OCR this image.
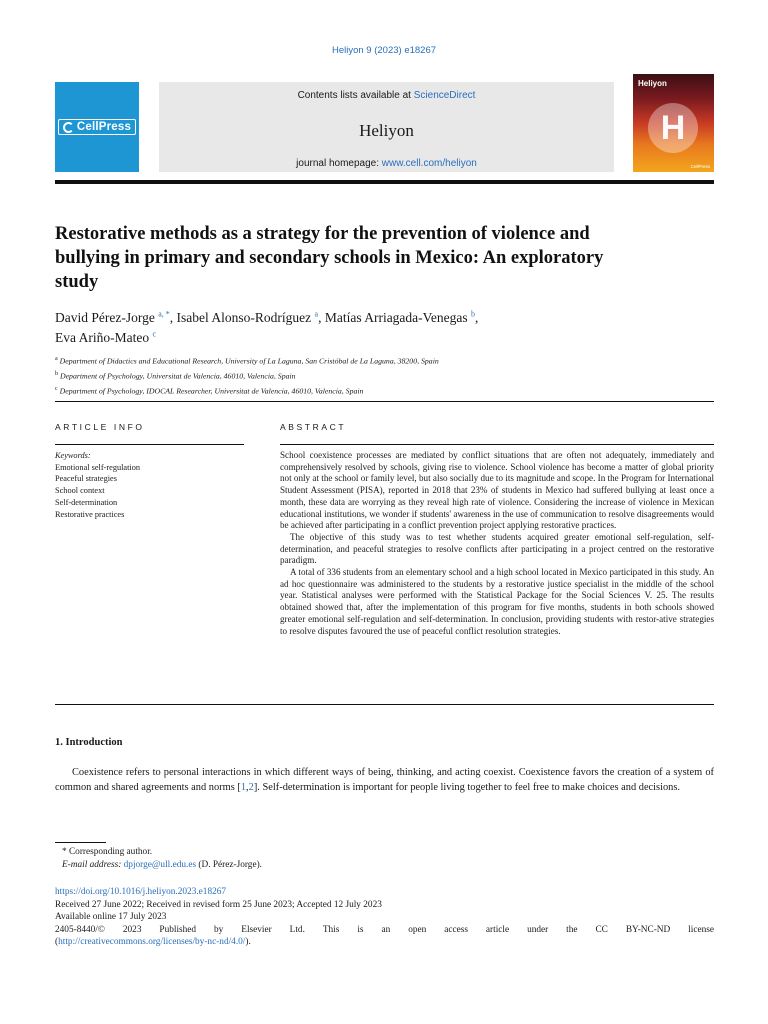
Heliyon 9 (2023) e18267
CellPress
Contents lists available at ScienceDirect
Heliyon
journal homepage: www.cell.com/heliyon
Heliyon
H
CellPress
Restorative methods as a strategy for the prevention of violence and bullying in primary and secondary schools in Mexico: An exploratory study
David Pérez-Jorge $^{a, *}$, Isabel Alonso-Rodríguez $^a$, Matías Arriagada-Venegas $^b$,
Eva Ariño-Mateo $^c$
$^a$ Department of Didactics and Educational Research, University of La Laguna, San Cristóbal de La Laguna, 38200, Spain
$^b$ Department of Psychology, Universitat de Valencia, 46010, Valencia, Spain
$^c$ Department of Psychology, IDOCAL Researcher, Universitat de Valencia, 46010, Valencia, Spain
ARTICLE INFO	ABSTRACT
Keywords:
Emotional self-regulation
Peaceful strategies
School context
Self-determination
Restorative practices

School coexistence processes are mediated by conflict situations that are often not adequately, immediately and comprehensively resolved by schools, giving rise to violence. School violence has become a matter of global priority not only at the school or family level, but also socially due to its magnitude and scope. In the Program for International Student Assessment (PISA), reported in 2018 that 23% of students in Mexico had suffered bullying at least once a month, these data are worrying as they reveal high rate of violence. Considering the increase of violence in Mexican educational institutions, we wonder if students' awareness in the use of communication to resolve disagreements would be achieved after participating in a conflict prevention project applying restorative practices.

The objective of this study was to test whether students acquired greater emotional self-regulation, self-determination, and peaceful strategies to resolve conflicts after participating in a project centred on the restorative paradigm.

A total of 336 students from an elementary school and a high school located in Mexico participated in this study. An ad hoc questionnaire was administered to the students by a restorative justice specialist in the middle of the school year. Statistical analyses were performed with the Statistical Package for the Social Sciences V. 25. The results obtained showed that, after the implementation of this program for five months, students in both schools showed greater emotional self-regulation and self-determination. In conclusion, providing students with restor-ative strategies to resolve disputes favoured the use of peaceful conflict resolution strategies.

1. Introduction

Coexistence refers to personal interactions in which different ways of being, thinking, and acting coexist. Coexistence favors the creation of a system of common and shared agreements and norms [1,2]. Self-determination is important for people living together to feel free to make choices and decisions.

* Corresponding author.
E-mail address: dpjorge@ull.edu.es (D. Pérez-Jorge).
https://doi.org/10.1016/j.heliyon.2023.e18267
Received 27 June 2022; Received in revised form 25 June 2023; Accepted 12 July 2023
Available online 17 July 2023
2405-8440/© 2023 Published by Elsevier Ltd. This is an open access article under the CC BY-NC-ND license
(http://creativecommons.org/licenses/by-nc-nd/4.0/).
